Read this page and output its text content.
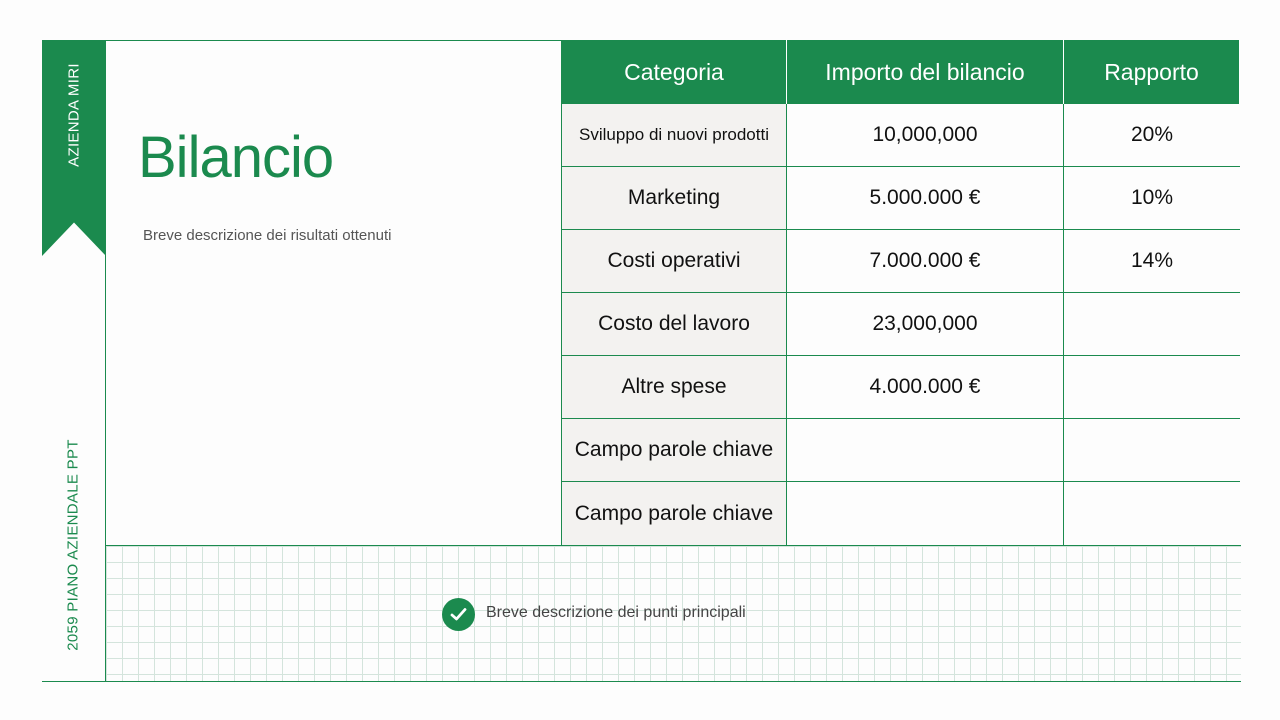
AZIENDA MIRI
2059 PIANO AZIENDALE PPT
Bilancio

Breve descrizione dei risultati ottenuti

Breve descrizione dei punti principali
Categoria	Importo del bilancio	Rapporto
Sviluppo di nuovi prodotti	10,000,000	20%
Marketing	5.000.000 €	10%
Costi operativi	7.000.000 €	14%
Costo del lavoro	23,000,000
Altre spese	4.000.000 €
Campo parole chiave
Campo parole chiave
